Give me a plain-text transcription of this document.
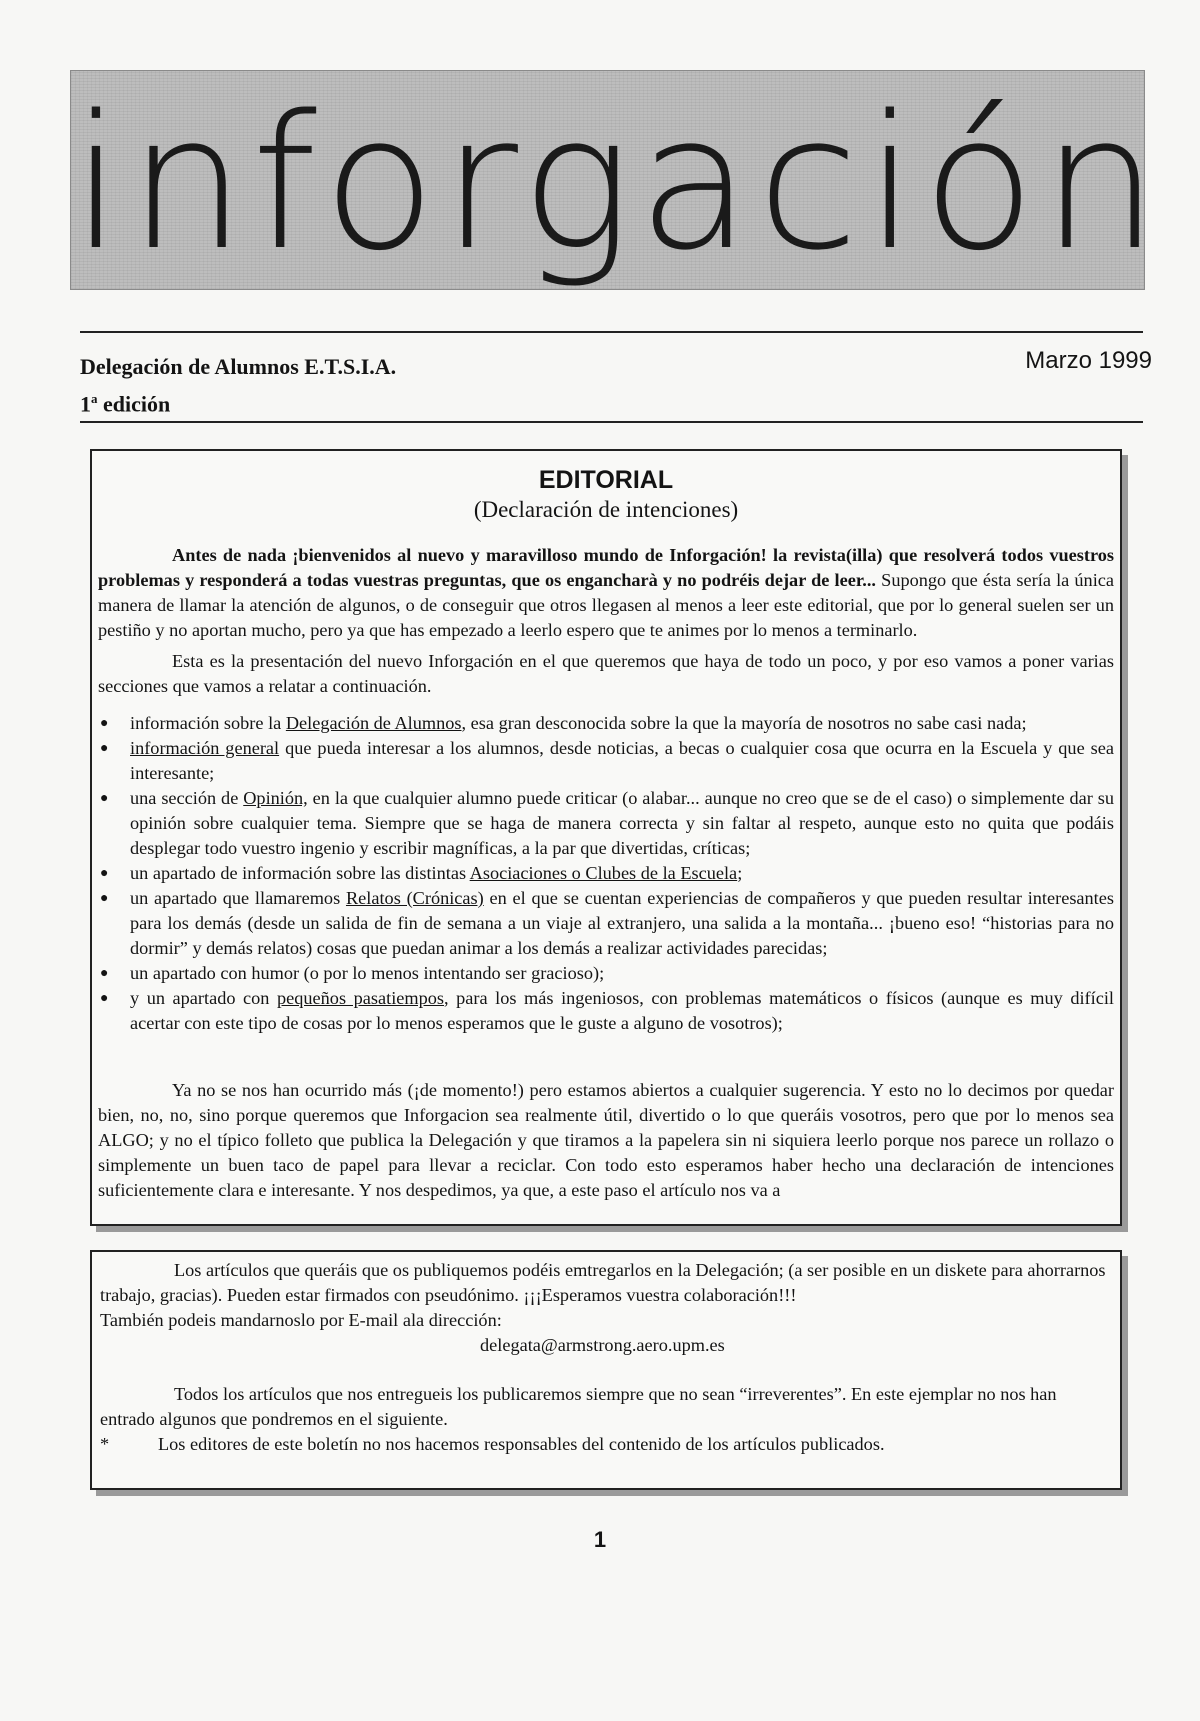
inforgación
Delegación de Alumnos E.T.S.I.A.
1$^a$ edición
Marzo 1999
EDITORIAL
(Declaración de intenciones)

Antes de nada ¡bienvenidos al nuevo y maravilloso mundo de Inforgación! la revista(illa) que resolverá todos vuestros problemas y responderá a todas vuestras preguntas, que os engancharà y no podréis dejar de leer... Supongo que ésta sería la única manera de llamar la atención de algunos, o de conseguir que otros llegasen al menos a leer este editorial, que por lo general suelen ser un pestiño y no aportan mucho, pero ya que has empezado a leerlo espero que te animes por lo menos a terminarlo.

Esta es la presentación del nuevo Inforgación en el que queremos que haya de todo un poco, y por eso vamos a poner varias secciones que vamos a relatar a continuación.

● información sobre la Delegación de Alumnos, esa gran desconocida sobre la que la mayoría de nosotros no sabe casi nada;
● información general que pueda interesar a los alumnos, desde noticias, a becas o cualquier cosa que ocurra en la Escuela y que sea interesante;
● una sección de Opinión, en la que cualquier alumno puede criticar (o alabar... aunque no creo que se de el caso) o simplemente dar su opinión sobre cualquier tema. Siempre que se haga de manera correcta y sin faltar al respeto, aunque esto no quita que podáis desplegar todo vuestro ingenio y escribir magníficas, a la par que divertidas, críticas;
● un apartado de información sobre las distintas Asociaciones o Clubes de la Escuela;
● un apartado que llamaremos Relatos (Crónicas) en el que se cuentan experiencias de compañeros y que pueden resultar interesantes para los demás (desde un salida de fin de semana a un viaje al extranjero, una salida a la montaña... ¡bueno eso! “historias para no dormir” y demás relatos) cosas que puedan animar a los demás a realizar actividades parecidas;
● un apartado con humor (o por lo menos intentando ser gracioso);
● y un apartado con pequeños pasatiempos, para los más ingeniosos, con problemas matemáticos o físicos (aunque es muy difícil acertar con este tipo de cosas por lo menos esperamos que le guste a alguno de vosotros);

Ya no se nos han ocurrido más (¡de momento!) pero estamos abiertos a cualquier sugerencia. Y esto no lo decimos por quedar bien, no, no, sino porque queremos que Inforgacion sea realmente útil, divertido o lo que queráis vosotros, pero que por lo menos sea ALGO; y no el típico folleto que publica la Delegación y que tiramos a la papelera sin ni siquiera leerlo porque nos parece un rollazo o simplemente un buen taco de papel para llevar a reciclar. Con todo esto esperamos haber hecho una declaración de intenciones suficientemente clara e interesante. Y nos despedimos, ya que, a este paso el artículo nos va a

Los artículos que queráis que os publiquemos podéis emtregarlos en la Delegación; (a ser posible en un diskete para ahorrarnos trabajo, gracias). Pueden estar firmados con pseudónimo. ¡¡¡Esperamos vuestra colaboración!!!

También podeis mandarnoslo por E-mail ala dirección:

delegata@armstrong.aero.upm.es

Todos los artículos que nos entregueis los publicaremos siempre que no sean “irreverentes”. En este ejemplar no nos han entrado algunos que pondremos en el siguiente.

*	Los editores de este boletín no nos hacemos responsables del contenido de los artículos publicados.
1
